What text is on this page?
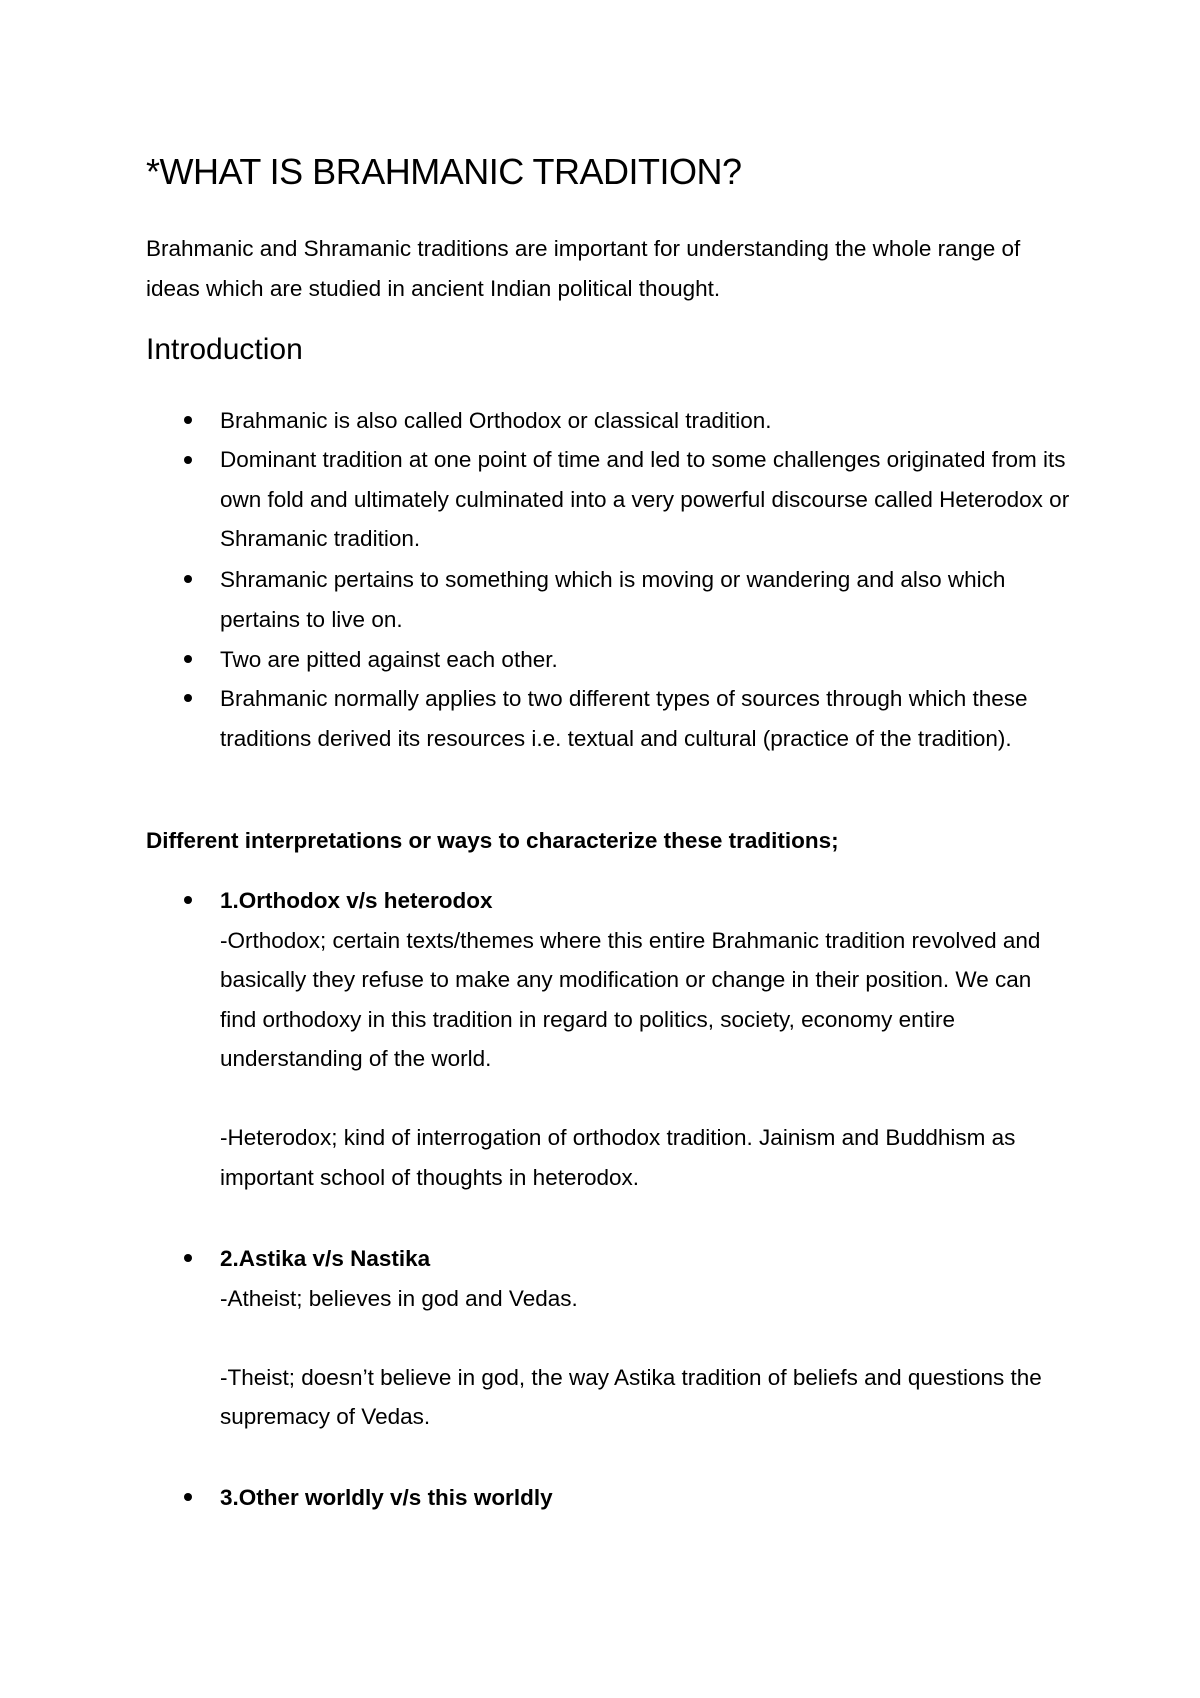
*WHAT IS BRAHMANIC TRADITION?
Brahmanic and Shramanic traditions are important for understanding the whole range of ideas which are studied in ancient Indian political thought.
Introduction
Brahmanic is also called Orthodox or classical tradition.
Dominant tradition at one point of time and led to some challenges originated from its own fold and ultimately culminated into a very powerful discourse called Heterodox or Shramanic tradition.
Shramanic pertains to something which is moving or wandering and also which pertains to live on.
Two are pitted against each other.
Brahmanic normally applies to two different types of sources through which these traditions derived its resources i.e. textual and cultural (practice of the tradition).
Different interpretations or ways to characterize these traditions;
1.Orthodox v/s heterodox
-Orthodox; certain texts/themes where this entire Brahmanic tradition revolved and basically they refuse to make any modification or change in their position. We can find orthodoxy in this tradition in regard to politics, society, economy entire understanding of the world.
-Heterodox; kind of interrogation of orthodox tradition. Jainism and Buddhism as important school of thoughts in heterodox.
2.Astika v/s Nastika
-Atheist; believes in god and Vedas.
-Theist; doesn’t believe in god, the way Astika tradition of beliefs and questions the supremacy of Vedas.
3.Other worldly v/s this worldly
